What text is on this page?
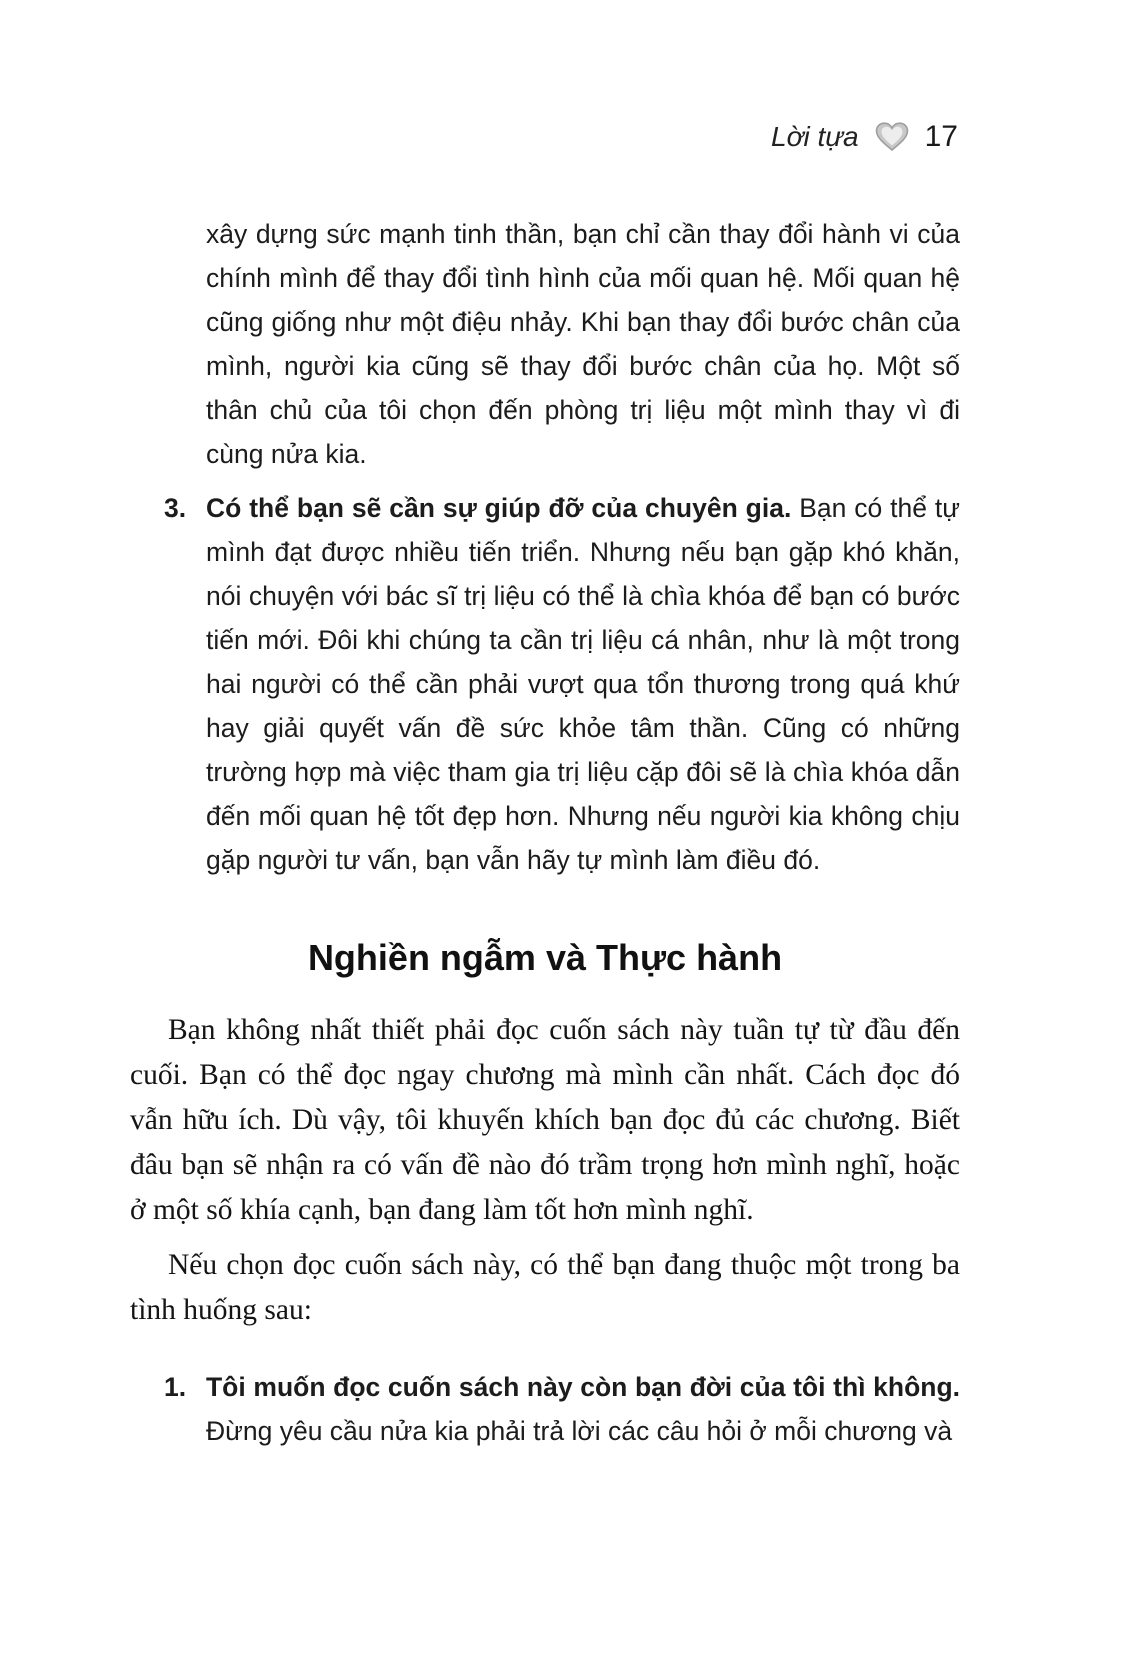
Lời tựa 17

xây dựng sức mạnh tinh thần, bạn chỉ cần thay đổi hành vi của chính mình để thay đổi tình hình của mối quan hệ. Mối quan hệ cũng giống như một điệu nhảy. Khi bạn thay đổi bước chân của mình, người kia cũng sẽ thay đổi bước chân của họ. Một số thân chủ của tôi chọn đến phòng trị liệu một mình thay vì đi cùng nửa kia.

3. Có thể bạn sẽ cần sự giúp đỡ của chuyên gia. Bạn có thể tự mình đạt được nhiều tiến triển. Nhưng nếu bạn gặp khó khăn, nói chuyện với bác sĩ trị liệu có thể là chìa khóa để bạn có bước tiến mới. Đôi khi chúng ta cần trị liệu cá nhân, như là một trong hai người có thể cần phải vượt qua tổn thương trong quá khứ hay giải quyết vấn đề sức khỏe tâm thần. Cũng có những trường hợp mà việc tham gia trị liệu cặp đôi sẽ là chìa khóa dẫn đến mối quan hệ tốt đẹp hơn. Nhưng nếu người kia không chịu gặp người tư vấn, bạn vẫn hãy tự mình làm điều đó.
Nghiền ngẫm và Thực hành

Bạn không nhất thiết phải đọc cuốn sách này tuần tự từ đầu đến cuối. Bạn có thể đọc ngay chương mà mình cần nhất. Cách đọc đó vẫn hữu ích. Dù vậy, tôi khuyến khích bạn đọc đủ các chương. Biết đâu bạn sẽ nhận ra có vấn đề nào đó trầm trọng hơn mình nghĩ, hoặc ở một số khía cạnh, bạn đang làm tốt hơn mình nghĩ.

Nếu chọn đọc cuốn sách này, có thể bạn đang thuộc một trong ba tình huống sau:

1. Tôi muốn đọc cuốn sách này còn bạn đời của tôi thì không. Đừng yêu cầu nửa kia phải trả lời các câu hỏi ở mỗi chương và
